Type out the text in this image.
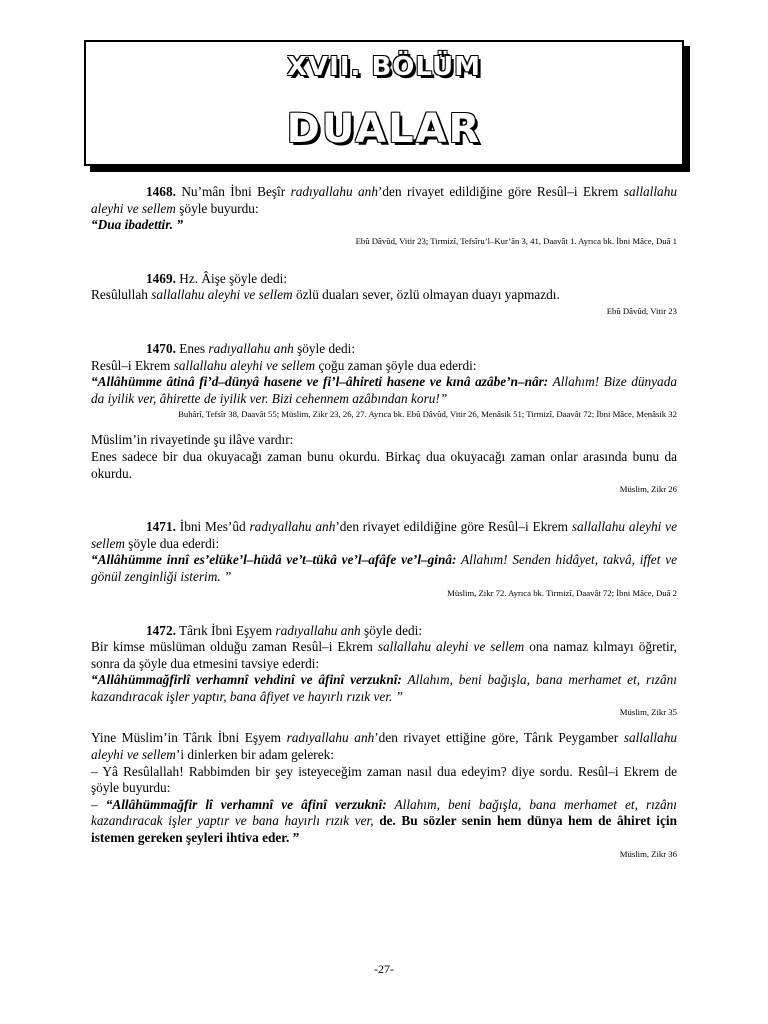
XVII. BÖLÜM
DUALAR

1468. Nu’mân İbni Beşîr radıyallahu anh’den rivayet edildiğine göre Resûl–i Ekrem sallallahu aleyhi ve sellem şöyle buyurdu:

“Dua ibadettir. ”

Ebû Dâvûd, Vitir 23; Tirmizî, Tefsîru’l–Kur’ân 3, 41, Daavât 1. Ayrıca bk. İbni Mâce, Duâ 1

1469. Hz. Âişe şöyle dedi:

Resûlullah sallallahu aleyhi ve sellem özlü duaları sever, özlü olmayan duayı yapmazdı.

Ebû Dâvûd, Vitir 23

1470. Enes radıyallahu anh şöyle dedi:

Resûl–i Ekrem sallallahu aleyhi ve sellem çoğu zaman şöyle dua ederdi:

“Allâhümme âtinâ fi’d–dünyâ hasene ve fi’l–âhireti hasene ve kınâ azâbe’n–nâr: Allahım! Bize dünyada da iyilik ver, âhirette de iyilik ver. Bizi cehennem azâbından koru!”

Buhârî, Tefsîr 38, Daavât 55; Müslim, Zikr 23, 26, 27. Ayrıca bk. Ebû Dâvûd, Vitir 26, Menâsik 51; Tirmizî, Daavât 72; İbni Mâce, Menâsik 32

Müslim’in rivayetinde şu ilâve vardır:

Enes sadece bir dua okuyacağı zaman bunu okurdu. Birkaç dua okuyacağı zaman onlar arasında bunu da okurdu.

Müslim, Zikr 26

1471. İbni Mes’ûd radıyallahu anh’den rivayet edildiğine göre Resûl–i Ekrem sallallahu aleyhi ve sellem şöyle dua ederdi:

“Allâhümme innî es’elüke’l–hüdâ ve’t–tükâ ve’l–afâfe ve’l–ginâ: Allahım! Senden hidâyet, takvâ, iffet ve gönül zenginliği isterim. ”

Müslim, Zikr 72. Ayrıca bk. Tirmizî, Daavât 72; İbni Mâce, Duâ 2

1472. Târık İbni Eşyem radıyallahu anh şöyle dedi:

Bir kimse müslüman olduğu zaman Resûl–i Ekrem sallallahu aleyhi ve sellem ona namaz kılmayı öğretir, sonra da şöyle dua etmesini tavsiye ederdi:

“Allâhümmağfirlî verhamnî vehdinî ve âfinî verzuknî: Allahım, beni bağışla, bana merhamet et, rızânı kazandıracak işler yaptır, bana âfiyet ve hayırlı rızık ver. ”

Müslim, Zikr 35

Yine Müslim’in Târık İbni Eşyem radıyallahu anh’den rivayet ettiğine göre, Târık Peygamber sallallahu aleyhi ve sellem’i dinlerken bir adam gelerek:

– Yâ Resûlallah! Rabbimden bir şey isteyeceğim zaman nasıl dua edeyim? diye sordu. Resûl–i Ekrem de şöyle buyurdu:

– “Allâhümmağfir lî verhamnî ve âfinî verzuknî: Allahım, beni bağışla, bana merhamet et, rızânı kazandıracak işler yaptır ve bana hayırlı rızık ver, de. Bu sözler senin hem dünya hem de âhiret için istemen gereken şeyleri ihtiva eder. ”

Müslim, Zikr 36

-27-
